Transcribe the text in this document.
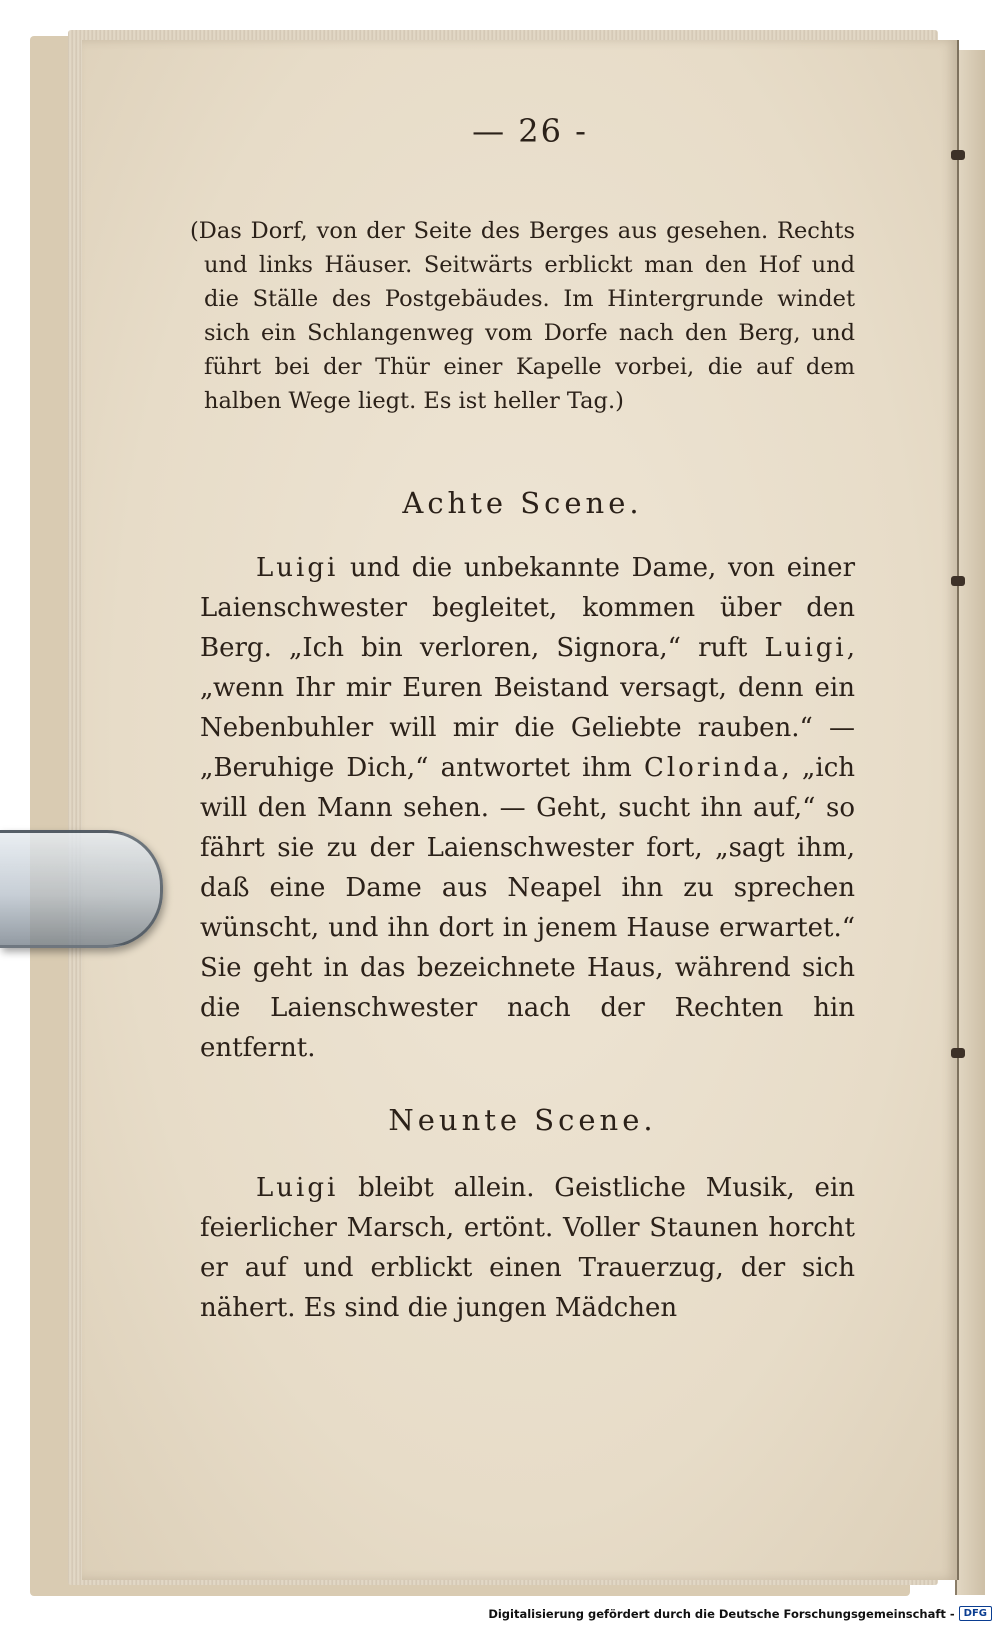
— 26 -
(Das Dorf, von der Seite des Berges aus gesehen. Rechts und links Häuser. Seitwärts erblickt man den Hof und die Ställe des Postgebäudes. Im Hintergrunde windet sich ein Schlangenweg vom Dorfe nach den Berg, und führt bei der Thür einer Kapelle vorbei, die auf dem halben Wege liegt. Es ist heller Tag.)
Achte Scene.
Luigi und die unbekannte Dame, von einer Laienschwester begleitet, kommen über den Berg. „Ich bin verloren, Signora,“ ruft Luigi, „wenn Ihr mir Euren Beistand versagt, denn ein Nebenbuhler will mir die Geliebte rauben.“ — „Beruhige Dich,“ antwortet ihm Clorinda, „ich will den Mann sehen. — Geht, sucht ihn auf,“ so fährt sie zu der Laienschwester fort, „sagt ihm, daß eine Dame aus Neapel ihn zu sprechen wünscht, und ihn dort in jenem Hause erwartet.“ Sie geht in das bezeichnete Haus, während sich die Laienschwester nach der Rechten hin entfernt.
Neunte Scene.
Luigi bleibt allein. Geistliche Musik, ein feierlicher Marsch, ertönt. Voller Staunen horcht er auf und erblickt einen Trauerzug, der sich nähert. Es sind die jungen Mädchen
Digitalisierung gefördert durch die Deutsche Forschungsgemeinschaft - DFG
